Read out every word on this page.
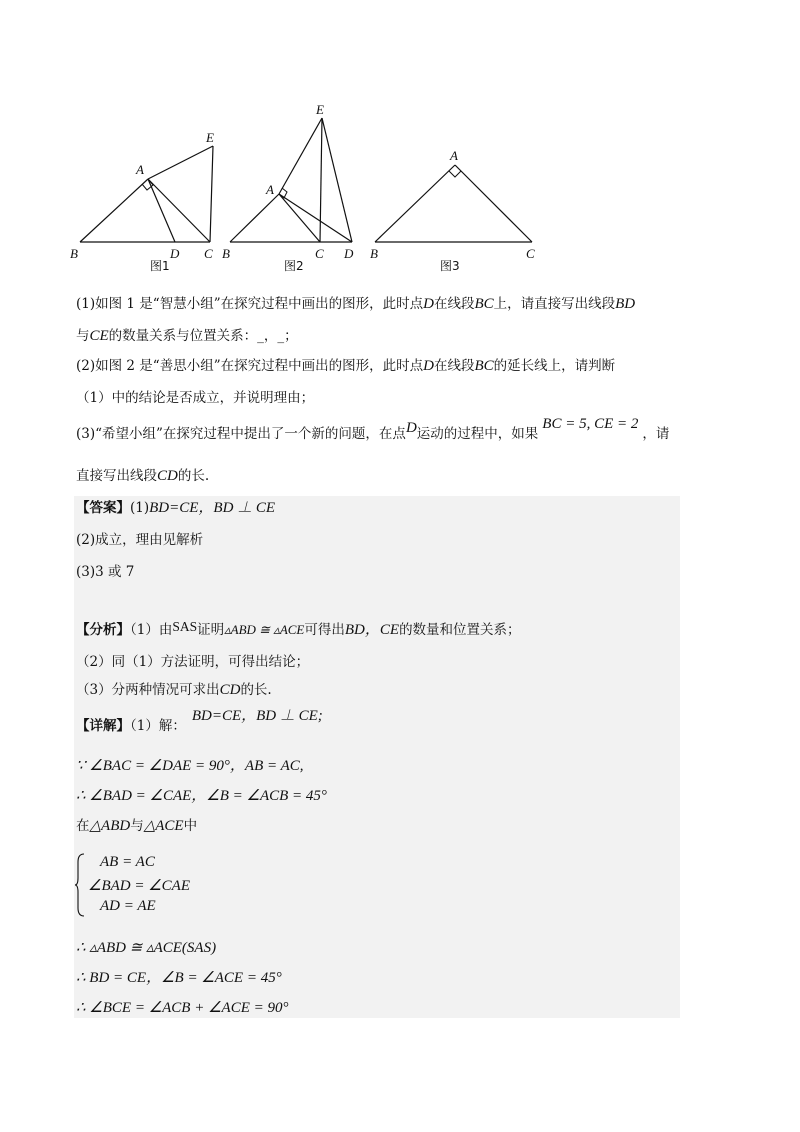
B
A
E
D C
图1
B
A
E
C D
图2
B
A
C
图3
(1)如图 1 是“智慧小组”在探究过程中画出的图形，此时点D在线段BC上，请直接写出线段BD
与CE的数量关系与位置关系：_，_；
(2)如图 2 是“善思小组”在探究过程中画出的图形，此时点D在线段BC的延长线上，请判断
（1）中的结论是否成立，并说明理由；
(3)“希望小组”在探究过程中提出了一个新的问题，在点D运动的过程中，如果BC = 5, CE = 2，请
直接写出线段CD的长.
【答案】(1)BD=CE，BD ⊥ CE
(2)成立，理由见解析
(3)3 或 7
【分析】（1）由SAS证明▵ABD ≅ ▵ACE可得出BD，CE的数量和位置关系；
（2）同（1）方法证明，可得出结论；
（3）分两种情况可求出CD的长.
【详解】（1）解：BD=CE，BD ⊥ CE;
∵ ∠BAC = ∠DAE = 90°，AB = AC,
∴ ∠BAD = ∠CAE，∠B = ∠ACB = 45°
在△ABD与△ACE中
AB = AC
∠BAD = ∠CAE
AD = AE
∴ ▵ABD ≅ ▵ACE(SAS)
∴ BD = CE，∠B = ∠ACE = 45°
∴ ∠BCE = ∠ACB + ∠ACE = 90°
